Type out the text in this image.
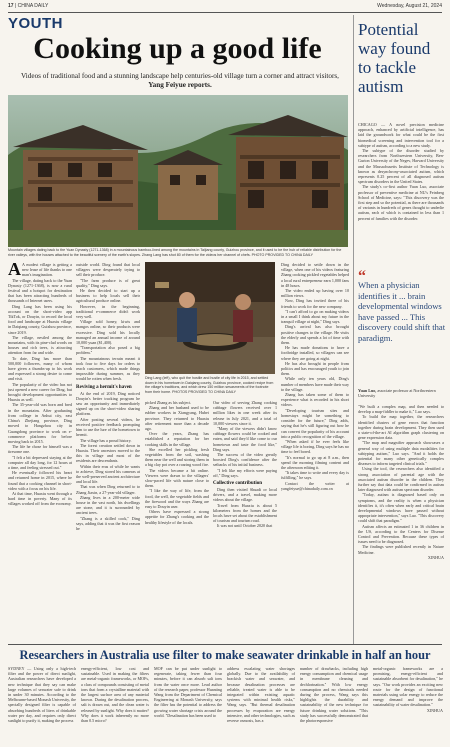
17 | CHINA DAILY	Wednesday, August 21, 2024
YOUTH
Cooking up a good life
Videos of traditional food and a stunning landscape help centuries-old village turn a corner and attract visitors, Yang Feiyue reports.
Mountain villages dating back to the Yuan Dynasty (1271-1368) in a mountainous bamboo-lined among the mountains in Taijiang county, Guizhou province, and it used to be the hub of reliable distribution for the river valleys, with the houses attached to the beautiful scenery of the earth's slopes. Zhang Lang has shot 80 of them for the videos her channel of chefs. PHOTO PROVIDED TO CHINA DAILY

A A modest village is getting a new lease of life thanks to one man's imagination.

The village, dating back to the Yuan Dynasty (1271-1368), is now a rural festival and a hotspot for destination that has been attracting hundreds of thousands of Internet users.

Ding Lang has been using his account on the short-video app TikTok, or Douyin, to record the local food and landscape at Huaxiu village in Daiqiang county, Guizhou province, since 2019.

The village, nestled among the mountains, with its pine-clad words on houses and rich trees, is attracting attention from far and wide.

To date, Ding has more than 500,000 followers, many of whom have given a thumbs-up to his work and expressed a strong desire to come and visit.

The popularity of the video has not just opened a new career for Ding, but brought development opportunities to Huaxiu as well.

The 35-year-old was born and bred in the mountains. After graduating from college in Anhui city, east China's Zhejiang province, Ding moved to Hangzhou city in Guangdong province to work on e-commerce platforms for before moving back in 2015.

The life he chose for himself was a tiresome one.

"I felt a bit depressed staying at the computer all day long, for 12 hours at a time, and feeling stressed out."

He eventually followed his heart and returned home in 2015, where he found that a cooking channel in short-video with a focus on his life.

At that time, Huaxiu went through a hard time in poverty. Many of its villages worked off from the economy.

outside world. Ding found that local villagers were desperately trying to sell their produce.

"The farm produce is of great quality," Ding says.

He then decided to start up a business to help locals sell their agricultural produce online.

However, in the beginning, traditional e-commerce didn't work very well.

Village sold honey, kiwis and mangos online, so their products were excessive. Ding sold his locally managed an annual income of around 10,000 yuan ($1,400).

"Transportation also posed a big problem."

The mountainous terrain meant it took four to five days for orders to reach customers, which made things impossible during summer, as they would be rotten when fresh.

Reviving a hermit's haven

At the end of 2019, Ding noticed Douyin's better tracking program he saw an opportunity and immediately signed up on the short-video sharing platform.

After posting several videos, he received positive feedback prompting him to use the lure of the hometown to hermit.

The village has a proud history.

The forest creation settled down in Huaxiu. Their ancestors moved to the this in village and most of the residents are descendants.

Within their eras of while he wants to achieve, Ding stored his cameras at the well-preserved ancient architecture and local life.

That was when Ding returned to to Zhang Jiaxin, a 27-year-old villager.

Zhang lives in a 200-meter wide house in the vast north, his dwellings are stone, and it is surrounded by ancient trees.

"Zhang is a skilled cook," Ding says, adding that it was the first reason he

Ding Lang (left), who quit the hostile and hustle of city life in 2015, and settled down in his hometown in Daiqiang county, Guizhou province, cooked recipe from the village's traditions, and which drew 150 million sesasments of the footnote from their home. PHOTOS PROVIDED TO CHINA DAILY

picked Zhang as his subject.

Zhang and her husband used to be rubber workers in Xiangyang, Hubei province. They returned to Huaxiu after retirement more than a decade ago.

Over the years, Zhang has established a reputation for her cooking skills in the village.

She excelled her pickling fresh vegetables from the soil, washing them near the well and storing them in a big clay pot over a roaring wood fire.

The videos became a hit online. Viewers were drawn to the villagers' slow-paced life with nature close to them.

"I like the way of life, from the food, the well, the vegetable fields and the firewood and the ways Zhang are easy to Douyin user.

Others have expressed a strong appetite for Zhang's cooking and the healthy lifestyle of the locals.

Our video of serving Zhang cooking cabbage flowers received over 1 million likes in one week after its release in July 2021, and a total of 10,000 viewers since it.

"Many of the viewers didn't know cabbage flowers could be cooked and eaten, and said they'd like come to our hometown and taste the food like," Ding says.

The success of the video greatly boosted Ding's confidence after the setbacks of his initial business.

"I felt like my efforts were paying off," Ding says.

Collective contribution

Ding then visited Shuadi or local drivers, and a travel, making more videos about the village.

Travel from Huaxiu is about 5 kilometers from the homes and the locals have set about the establishment of tourism and tourism road.

It was not until October 2020 that

Ding decided to settle down in the village, when one of his videos featuring Zhang cooking pickled vegetables helped a local rural entrepreneur earn 1,000 fans in 48 hours.

The video ended up having over 10 million views.

Now, Ding has invited three of his friends to work for the new company.

"I can't afford to go on making videos in a small I think about my future in the tranquil village at night," Ding says.

Ding's arrival has also brought positive changes to the village. He visits the elderly and spends a lot of time with them.

He has made donations to have a footbridge installed, so villagers can see where they are going at night.

He has also brought in people from politics and has encouraged youth to join them.

While only ten years old, Ding's number of members have made their way to the village.

Zhang has taken some of them to experience what is recorded in his short videos.

"Developing tourism sites and homestays might be something to consider for the future," Ding adds, saying that he's still figuring out how he can convert the popularity of his account into a public recognition of the village.

"When asked if he ever feels like village life is boring, Ding says he has no time to feel bored.

"It's normal to go up at 8 a.m., then spend the morning filming content and the afternoon editing it.

"It takes time to write and every day is fulfilling," he says.

Contact the writer at yangfeiyue@chinadaily.com.cn

Potential way found to tackle autism

CHICAGO — A novel precision medicine approach, enhanced by artificial intelligence, has laid the groundwork for what could be the first biomedical screening and intervention tool for a subtype of autism, according to a new study.

The subtype of the disorder studied by researchers from Northwestern University, Ben-Gurion University of the Negev, Harvard University and the Massachusetts Institute of Technology is known as desynchrony-associated autism, which represents 0.25 percent of all diagnosed autism spectrum disorders in the United States.

The study's co-first author Yuan Luo, associate professor of preventive medicine at NU's Feinberg School of Medicine, says: "This discovery was the first step and so the potential, as there are thousands of variants in hundreds of genes thought to underlie autism, each of which is contained in less than 1 percent of families with the disorder.

“
When a physician identifies it ... brain developmental windows have passed ... This discovery could shift that paradigm.
Yuan Luo, associate professor at Northwestern University

"We built a complex map, and then needed to develop a map-fiddler to make it," Luo says.

To build the map together, the researchers identified clusters of gene errors that function together during brain development. They then used a state-of-the-art AI algorithm graph clustering on gene expression data.

"The map and magnifier approach showcases a general way of using multiple data modalities for subtyping autism," Luo says. "And it holds the potential for many other genetically complex diseases to inform targeted clinical trials."

Using the tool, the researchers also identified a strong association of parental age with the associated autism disorder in the children. They further say that data could be confirmed in autism later diagnosed with autism spectrum disorder.

"Today, autism is diagnosed based only on symptoms, and the reality is when a physician identifies it, it's often when early and critical brain developmental windows have passed without appropriate intervention," says Luo. "This discovery could shift that paradigm."

Autism affects an estimated 1 in 36 children in the US, according to the Centers for Disease Control and Prevention. Because these types of issues need to be diagnosed.

The findings were published recently in Nature Medicine.

XINHUA

Researchers in Australia use filter to make seawater drinkable in half an hour
SYDNEY — Using only a high-tech filter and the power of direct sunlight, Australian researchers have developed a new technique that they say can make large volumes of seawater safe to drink in under 30 minutes. According to the Melbourne-based Monash University, the specially designed filter is capable of absorbing hundreds of liters of drinkable water per day, and requires only direct sunlight to purify it, making the process
energy-efficient, low cost and sustainable. Used in making the filters are metal-organic frameworks, or MOFs, a class of compounds consisting of metal ions that form a crystalline material with the largest surface area of any material known. During the desalination process, salt is drawn out, and the clean water is released by sunlight. Why does it matter? Why does it work inherently no more than 0.5 micro?
MOF can be put under sunlight to regenerate, taking fewer than four minutes, before it can absorb salt ions from the water once more. Lead author of the research paper, professor Huanting Wang from the Department of Chemical Engineering at Monash University, says the filter has the potential to address the growing water shortage crisis around the world. "Desalination has been used to
address escalating water shortages globally. Due to the availability of brackish water and seawater, and because desalination processes are reliable, treated water is able to be integrated within existing aquatic systems with minimal health risks," Wang says. "But thermal desalination processes by evaporation are energy intensive, and other technologies, such as reverse osmosis, has a
number of drawbacks, including high energy consumption and chemical usage in membrane cleaning and dechlorination." With low energy consumption and no chemicals needed during the process, Wang says this highlights the durability and sustainability of the new technique for future drinking water solutions. "This study has successfully demonstrated that the photoresponsive
metal-organic frameworks are a promising, energy-efficient and sustainable absorbent for desalination," he says. "Our work provides an exciting new route for the design of functional materials using solar energy to reduce the energy demand and improve the sustainability of water desalination."
XINHUA
